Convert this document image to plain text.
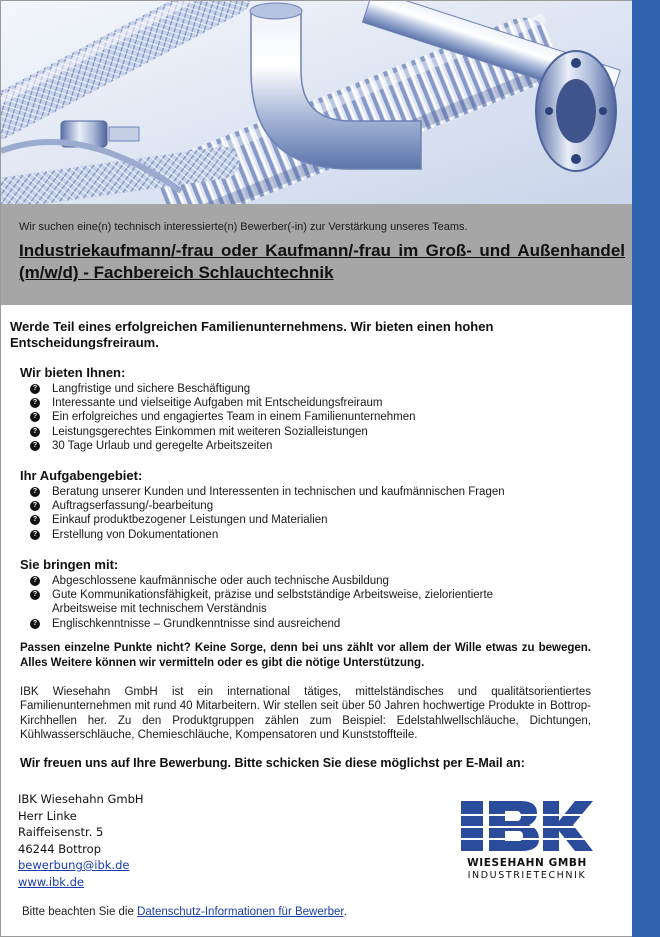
Wir suchen eine(n) technisch interessierte(n) Bewerber(-in) zur Verstärkung unseres Teams.
Industriekaufmann/-frau oder Kaufmann/-frau im Groß- und Außenhandel (m/w/d) - Fachbereich Schlauchtechnik
Werde Teil eines erfolgreichen Familienunternehmens. Wir bieten einen hohen Entscheidungsfreiraum.
Wir bieten Ihnen:
? Langfristige und sichere Beschäftigung
? Interessante und vielseitige Aufgaben mit Entscheidungsfreiraum
? Ein erfolgreiches und engagiertes Team in einem Familienunternehmen
? Leistungsgerechtes Einkommen mit weiteren Sozialleistungen
? 30 Tage Urlaub und geregelte Arbeitszeiten
Ihr Aufgabengebiet:
? Beratung unserer Kunden und Interessenten in technischen und kaufmännischen Fragen
? Auftragserfassung/-bearbeitung
? Einkauf produktbezogener Leistungen und Materialien
? Erstellung von Dokumentationen
Sie bringen mit:
? Abgeschlossene kaufmännische oder auch technische Ausbildung
? Gute Kommunikationsfähigkeit, präzise und selbstständige Arbeitsweise, zielorientierte Arbeitsweise mit technischem Verständnis
? Englischkenntnisse – Grundkenntnisse sind ausreichend
Passen einzelne Punkte nicht? Keine Sorge, denn bei uns zählt vor allem der Wille etwas zu bewegen. Alles Weitere können wir vermitteln oder es gibt die nötige Unterstützung.
IBK Wiesehahn GmbH ist ein international tätiges, mittelständisches und qualitätsorientiertes Familienunternehmen mit rund 40 Mitarbeitern. Wir stellen seit über 50 Jahren hochwertige Produkte in Bottrop-Kirchhellen her. Zu den Produktgruppen zählen zum Beispiel: Edelstahlwellschläuche, Dichtungen, Kühlwasserschläuche, Chemieschläuche, Kompensatoren und Kunststoffteile.
Wir freuen uns auf Ihre Bewerbung. Bitte schicken Sie diese möglichst per E-Mail an:
IBK Wiesehahn GmbH
Herr Linke
Raiffeisenstr. 5
46244 Bottrop
bewerbung@ibk.de
www.ibk.de
WIESEHAHN GMBH
INDUSTRIETECHNIK
Bitte beachten Sie die Datenschutz-Informationen für Bewerber.
